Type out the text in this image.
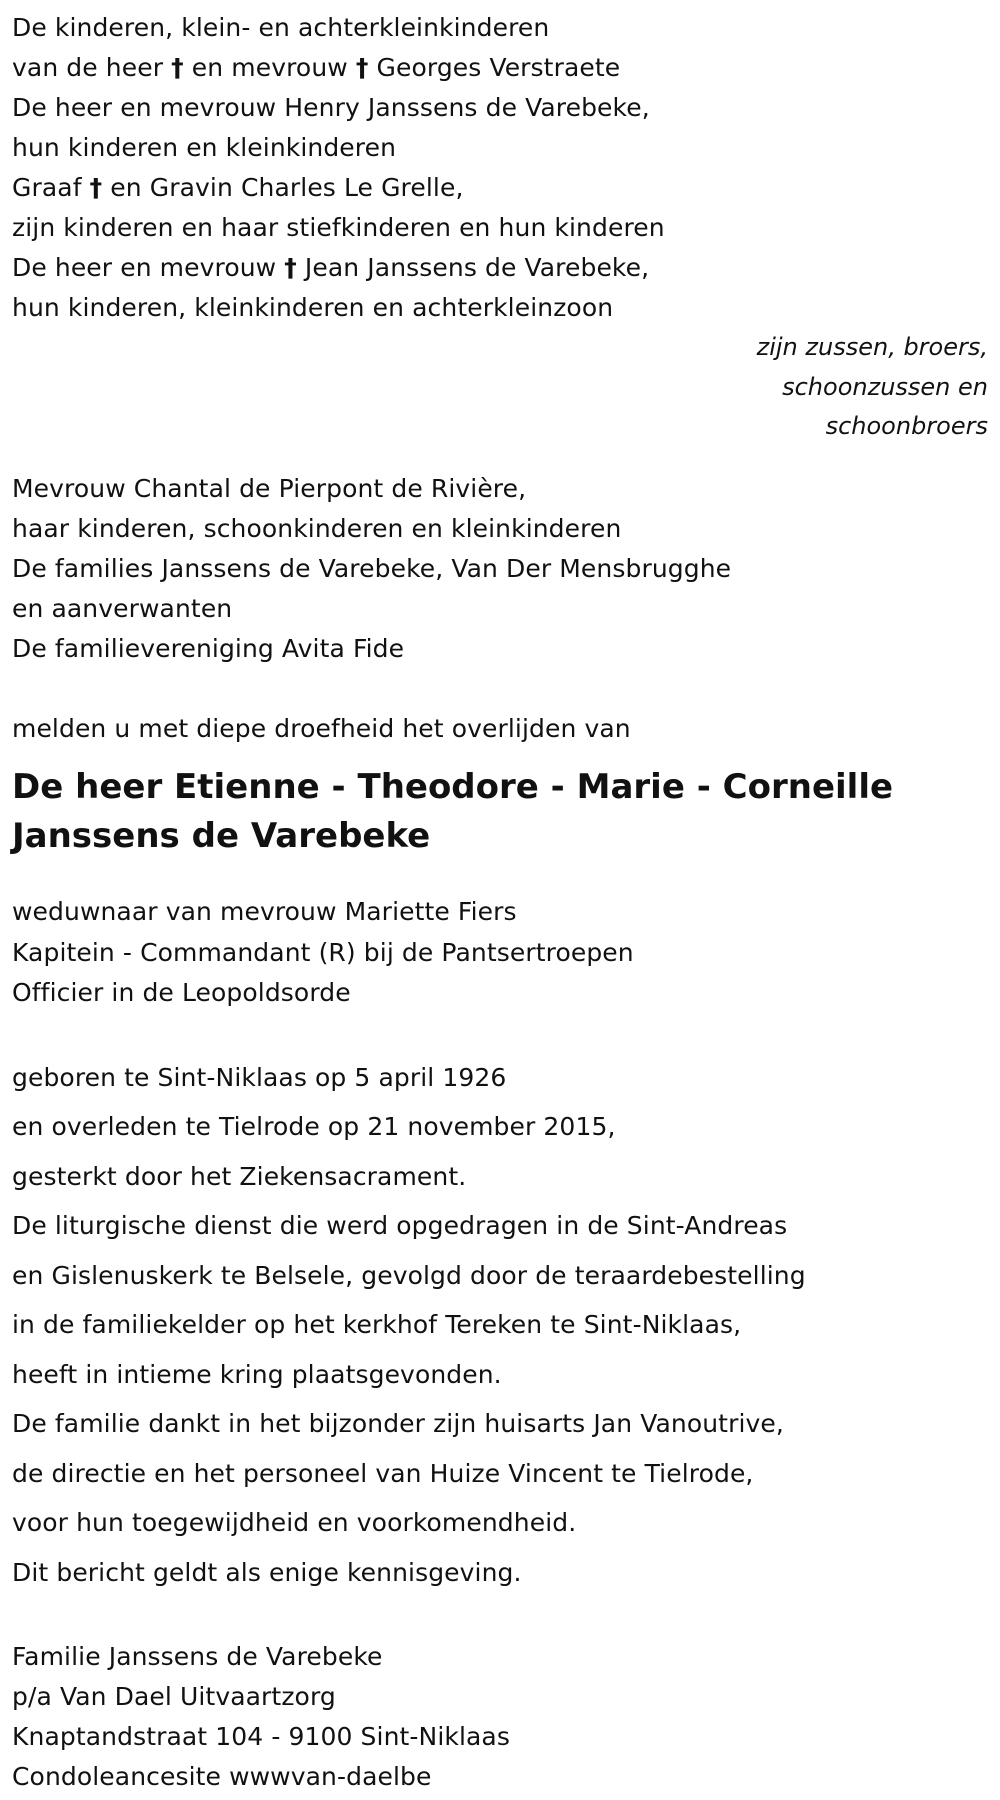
De kinderen, klein- en achterkleinkinderen
van de heer † en mevrouw † Georges Verstraete
De heer en mevrouw Henry Janssens de Varebeke,
hun kinderen en kleinkinderen
Graaf † en Gravin Charles Le Grelle,
zijn kinderen en haar stiefkinderen en hun kinderen
De heer en mevrouw † Jean Janssens de Varebeke,
hun kinderen, kleinkinderen en achterkleinzoon
zijn zussen, broers,
schoonzussen en
schoonbroers
Mevrouw Chantal de Pierpont de Rivière,
haar kinderen, schoonkinderen en kleinkinderen
De families Janssens de Varebeke, Van Der Mensbrugghe
en aanverwanten
De familievereniging Avita Fide
melden u met diepe droefheid het overlijden van
De heer Etienne - Theodore - Marie - Corneille
Janssens de Varebeke
weduwnaar van mevrouw Mariette Fiers
Kapitein - Commandant (R) bij de Pantsertroepen
Officier in de Leopoldsorde
geboren te Sint-Niklaas op 5 april 1926
en overleden te Tielrode op 21 november 2015,
gesterkt door het Ziekensacrament.
De liturgische dienst die werd opgedragen in de Sint-Andreas
en Gislenuskerk te Belsele, gevolgd door de teraardebestelling
in de familiekelder op het kerkhof Tereken te Sint-Niklaas,
heeft in intieme kring plaatsgevonden.
De familie dankt in het bijzonder zijn huisarts Jan Vanoutrive,
de directie en het personeel van Huize Vincent te Tielrode,
voor hun toegewijdheid en voorkomendheid.
Dit bericht geldt als enige kennisgeving.
Familie Janssens de Varebeke
p/a Van Dael Uitvaartzorg
Knaptandstraat 104 - 9100 Sint-Niklaas
Condoleancesite wwwvan-daelbe
